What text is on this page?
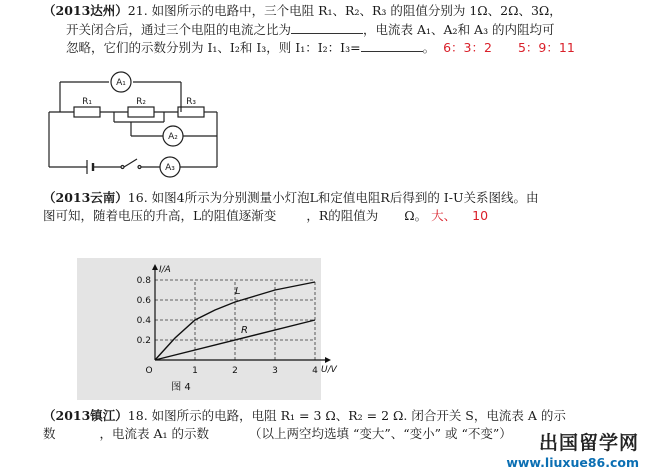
（2013达州）21. 如图所示的电路中，三个电阻 R₁、R₂、R₃ 的阻值分别为 1Ω、2Ω、3Ω，
开关闭合后，通过三个电阻的电流之比为	，电流表 A₁、A₂和 A₃ 的内阻均可
忽略，它们的示数分别为 I₁、I₂和 I₃，则 I₁：I₂：I₃=	。 6：3：2 5：9：11
A₁
A₂
A₃
R₁	R₂	R₃
（2013云南）16. 如图4所示为分别测量小灯泡L和定值电阻R后得到的 I-U关系图线。由
图可知，随着电压的升高，L的阻值逐渐变 ，R的阻值为 Ω。 大、 10
1	2	3	4
0.2
0.4
0.6
0.8
O
I/A
U/V
L
R
图 4
（2013镇江）18. 如图所示的电路，电阻 R₁ = 3 Ω、R₂ = 2 Ω. 闭合开关 S，电流表 A 的示
数	，电流表 A₁ 的示数	（以上两空均选填 “变大”、“变小” 或 “不变”）	出国留学网
www.liuxue86.com
